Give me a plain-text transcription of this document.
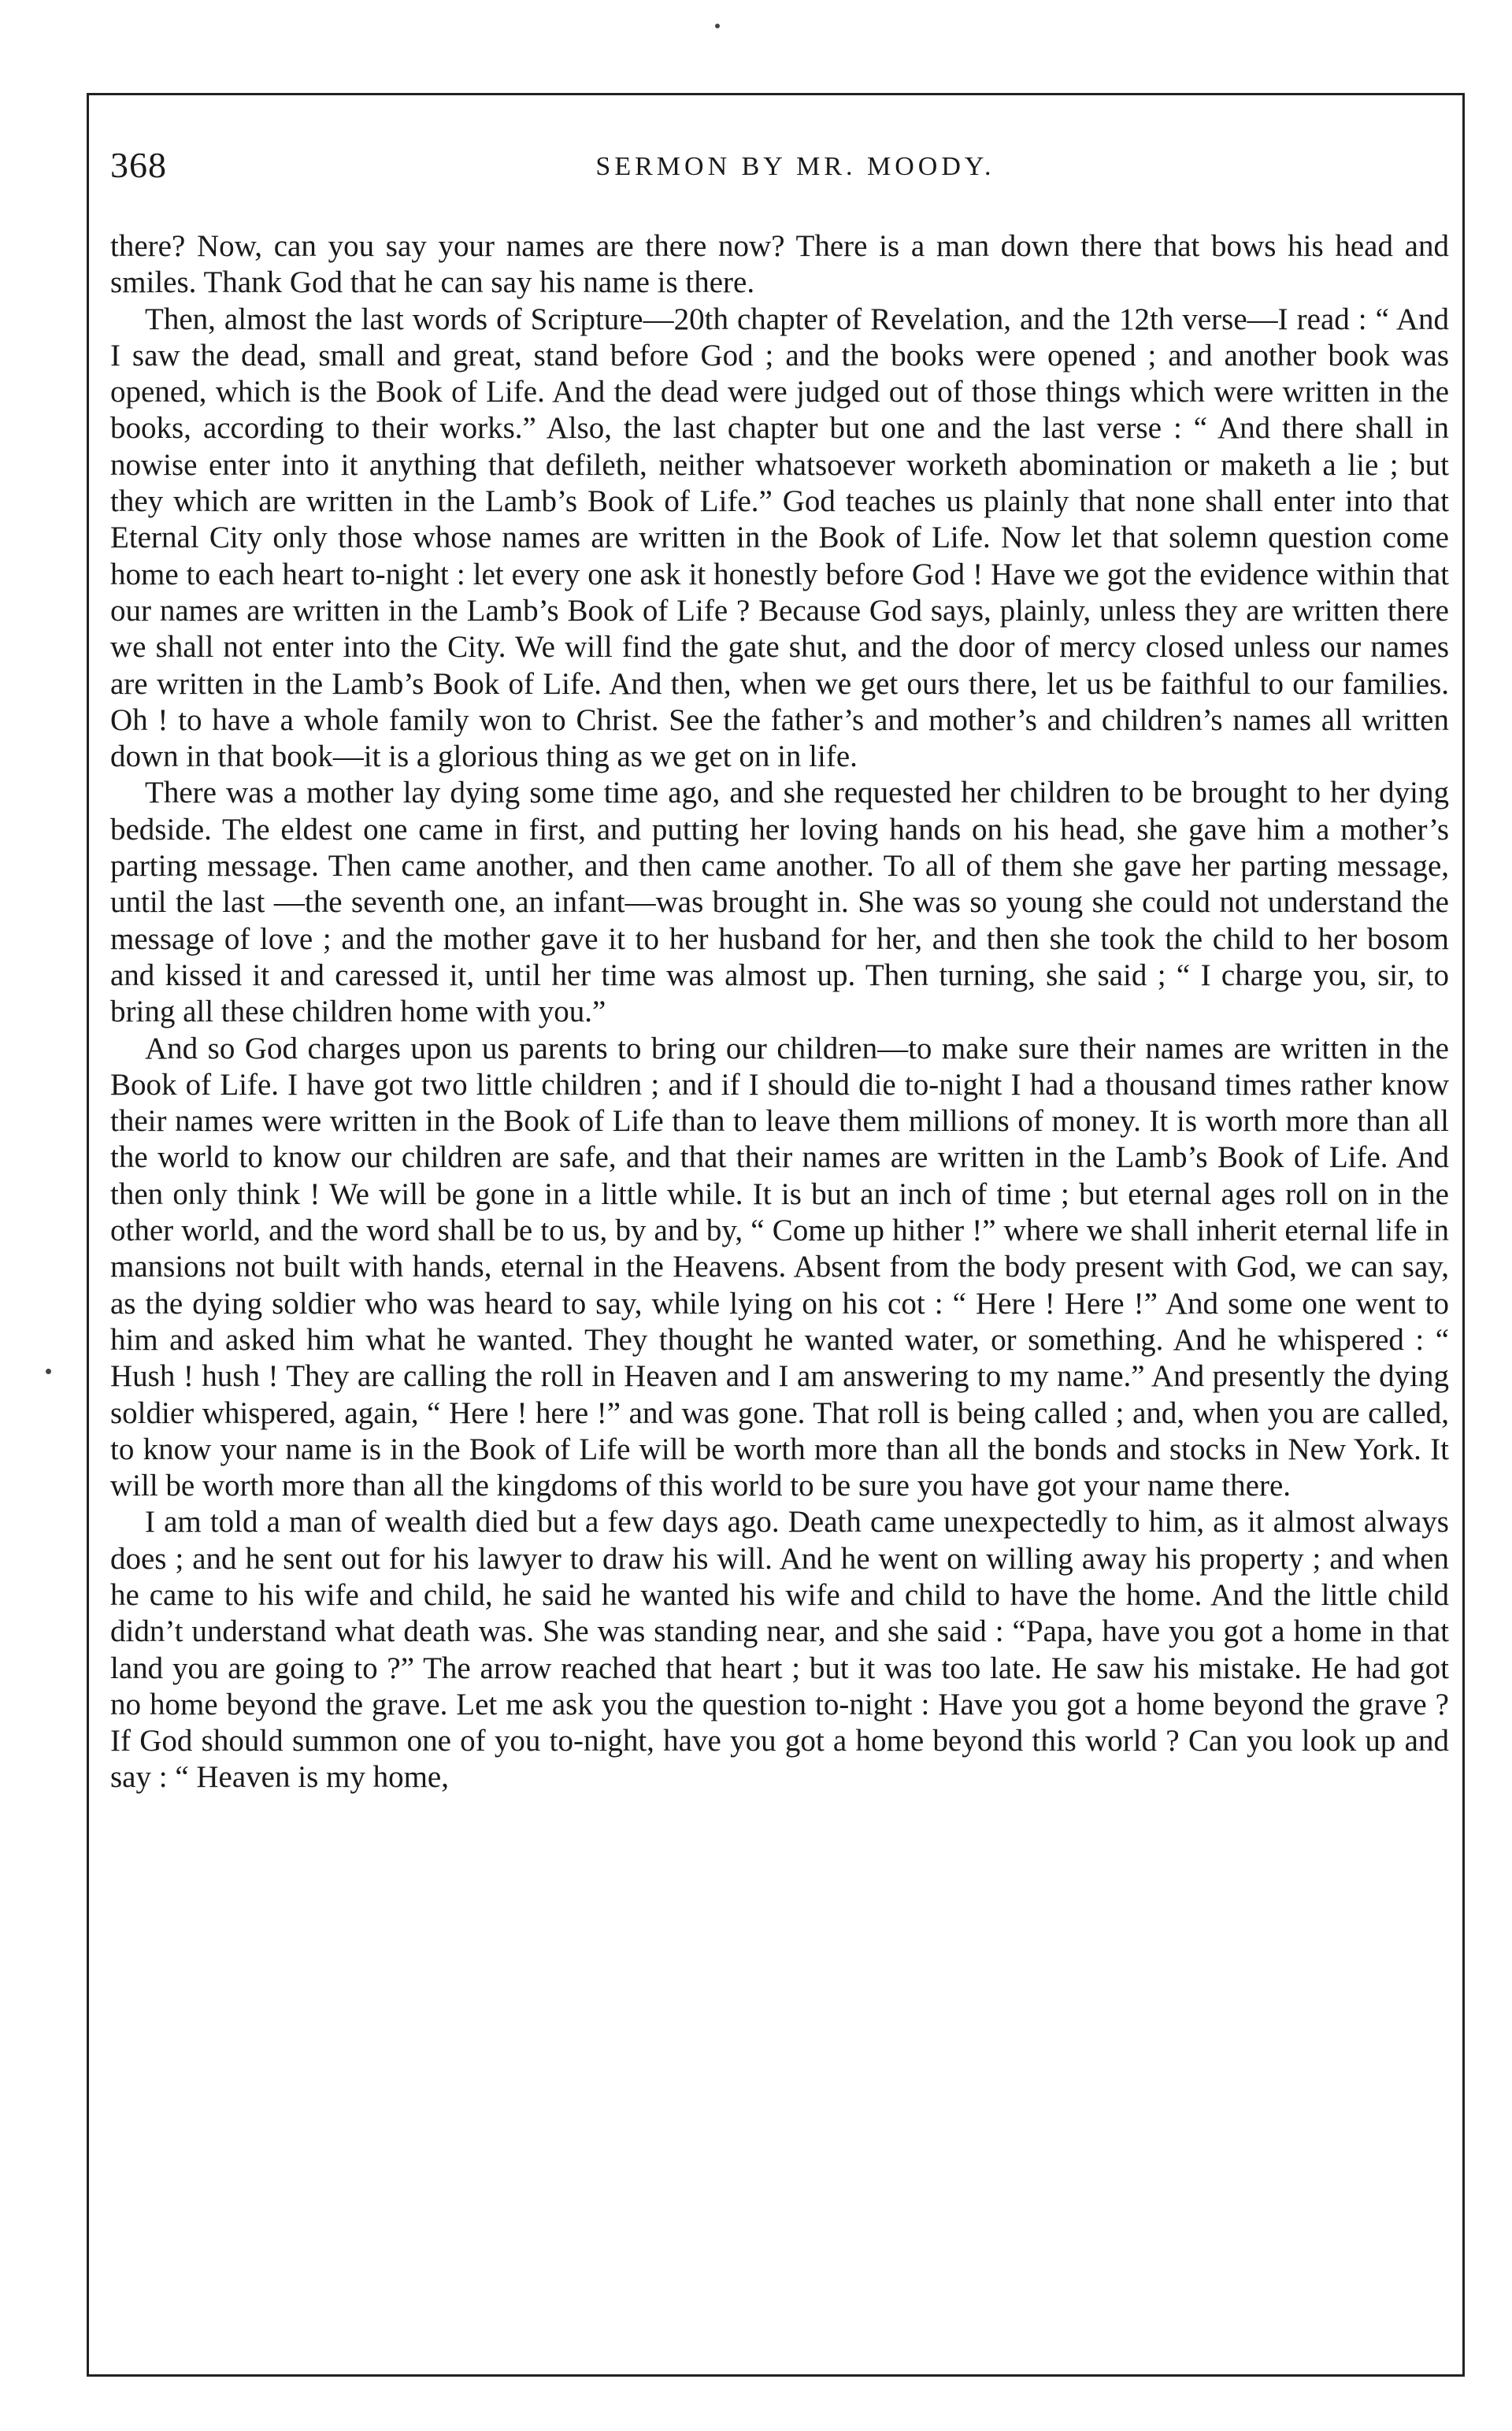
368	SERMON BY MR. MOODY.

there? Now, can you say your names are there now? There is a man down there that bows his head and smiles. Thank God that he can say his name is there.

Then, almost the last words of Scripture—20th chapter of Revelation, and the 12th verse—I read : “ And I saw the dead, small and great, stand before God ; and the books were opened ; and another book was opened, which is the Book of Life. And the dead were judged out of those things which were written in the books, according to their works.” Also, the last chapter but one and the last verse : “ And there shall in nowise enter into it anything that defileth, neither whatsoever worketh abomination or maketh a lie ; but they which are written in the Lamb’s Book of Life.” God teaches us plainly that none shall enter into that Eternal City only those whose names are written in the Book of Life. Now let that solemn question come home to each heart to-night : let every one ask it honestly before God ! Have we got the evidence within that our names are written in the Lamb’s Book of Life ? Because God says, plainly, unless they are written there we shall not enter into the City. We will find the gate shut, and the door of mercy closed unless our names are written in the Lamb’s Book of Life. And then, when we get ours there, let us be faithful to our families. Oh ! to have a whole family won to Christ. See the father’s and mother’s and children’s names all written down in that book—it is a glorious thing as we get on in life.

There was a mother lay dying some time ago, and she requested her children to be brought to her dying bedside. The eldest one came in first, and putting her loving hands on his head, she gave him a mother’s parting message. Then came another, and then came another. To all of them she gave her parting message, until the last —the seventh one, an infant—was brought in. She was so young she could not understand the message of love ; and the mother gave it to her husband for her, and then she took the child to her bosom and kissed it and caressed it, until her time was almost up. Then turning, she said ; “ I charge you, sir, to bring all these children home with you.”

And so God charges upon us parents to bring our children—to make sure their names are written in the Book of Life. I have got two little children ; and if I should die to-night I had a thousand times rather know their names were written in the Book of Life than to leave them millions of money. It is worth more than all the world to know our children are safe, and that their names are written in the Lamb’s Book of Life. And then only think ! We will be gone in a little while. It is but an inch of time ; but eternal ages roll on in the other world, and the word shall be to us, by and by, “ Come up hither !” where we shall inherit eternal life in mansions not built with hands, eternal in the Heavens. Absent from the body present with God, we can say, as the dying soldier who was heard to say, while lying on his cot : “ Here ! Here !” And some one went to him and asked him what he wanted. They thought he wanted water, or something. And he whispered : “ Hush ! hush ! They are calling the roll in Heaven and I am answering to my name.” And presently the dying soldier whispered, again, “ Here ! here !” and was gone. That roll is being called ; and, when you are called, to know your name is in the Book of Life will be worth more than all the bonds and stocks in New York. It will be worth more than all the kingdoms of this world to be sure you have got your name there.

I am told a man of wealth died but a few days ago. Death came unexpectedly to him, as it almost always does ; and he sent out for his lawyer to draw his will. And he went on willing away his property ; and when he came to his wife and child, he said he wanted his wife and child to have the home. And the little child didn’t understand what death was. She was standing near, and she said : “Papa, have you got a home in that land you are going to ?” The arrow reached that heart ; but it was too late. He saw his mistake. He had got no home beyond the grave. Let me ask you the question to-night : Have you got a home beyond the grave ? If God should summon one of you to-night, have you got a home beyond this world ? Can you look up and say : “ Heaven is my home,
